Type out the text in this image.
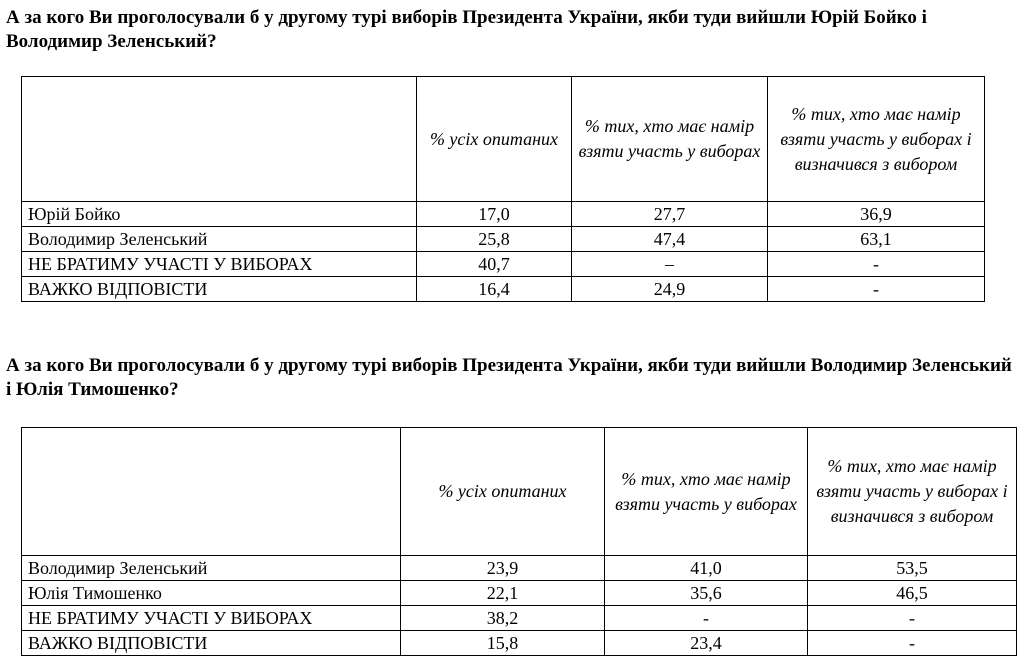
А за кого Ви проголосували б у другому турі виборів Президента України, якби туди вийшли Юрій Бойко і Володимир Зеленський?

	% усіх опитаних	% тих, хто має намір взяти участь у виборах	% тих, хто має намір взяти участь у виборах і визначився з вибором
Юрій Бойко	17,0	27,7	36,9
Володимир Зеленський	25,8	47,4	63,1
НЕ БРАТИМУ УЧАСТІ У ВИБОРАХ	40,7	–	-
ВАЖКО ВІДПОВІСТИ	16,4	24,9	-

А за кого Ви проголосували б у другому турі виборів Президента України, якби туди вийшли Володимир Зеленський і Юлія Тимошенко?

	% усіх опитаних	% тих, хто має намір взяти участь у виборах	% тих, хто має намір взяти участь у виборах і визначився з вибором
Володимир Зеленський	23,9	41,0	53,5
Юлія Тимошенко	22,1	35,6	46,5
НЕ БРАТИМУ УЧАСТІ У ВИБОРАХ	38,2	-	-
ВАЖКО ВІДПОВІСТИ	15,8	23,4	-
